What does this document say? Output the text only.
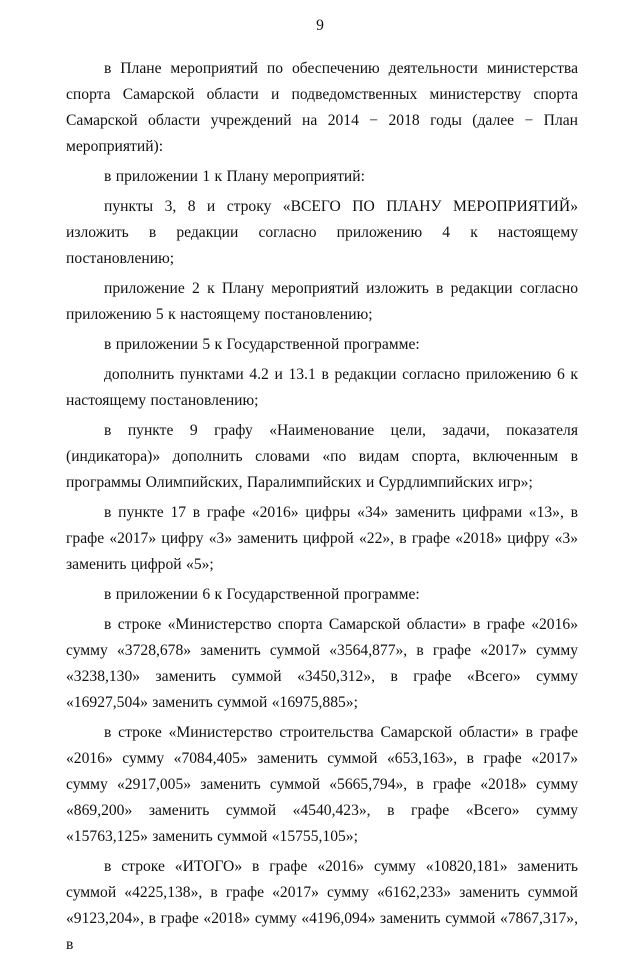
9

в Плане мероприятий по обеспечению деятельности министерства спорта Самарской области и подведомственных министерству спорта Самарской области учреждений на 2014 − 2018 годы (далее − План мероприятий):

в приложении 1 к Плану мероприятий:

пункты 3, 8 и строку «ВСЕГО ПО ПЛАНУ МЕРОПРИЯТИЙ» изложить в редакции согласно приложению 4 к настоящему постановлению;

приложение 2 к Плану мероприятий изложить в редакции согласно приложению 5 к настоящему постановлению;

в приложении 5 к Государственной программе:

дополнить пунктами 4.2 и 13.1 в редакции согласно приложению 6 к настоящему постановлению;

в пункте 9 графу «Наименование цели, задачи, показателя (индикатора)» дополнить словами «по видам спорта, включенным в программы Олимпийских, Паралимпийских и Сурдлимпийских игр»;

в пункте 17 в графе «2016» цифры «34» заменить цифрами «13», в графе «2017» цифру «3» заменить цифрой «22», в графе «2018» цифру «3» заменить цифрой «5»;

в приложении 6 к Государственной программе:

в строке «Министерство спорта Самарской области» в графе «2016» сумму «3728,678» заменить суммой «3564,877», в графе «2017» сумму «3238,130» заменить суммой «3450,312», в графе «Всего» сумму «16927,504» заменить суммой «16975,885»;

в строке «Министерство строительства Самарской области» в графе «2016» сумму «7084,405» заменить суммой «653,163», в графе «2017» сумму «2917,005» заменить суммой «5665,794», в графе «2018» сумму «869,200» заменить суммой «4540,423», в графе «Всего» сумму «15763,125» заменить суммой «15755,105»;

в строке «ИТОГО» в графе «2016» сумму «10820,181» заменить суммой «4225,138», в графе «2017» сумму «6162,233» заменить суммой «9123,204», в графе «2018» сумму «4196,094» заменить суммой «7867,317», в
